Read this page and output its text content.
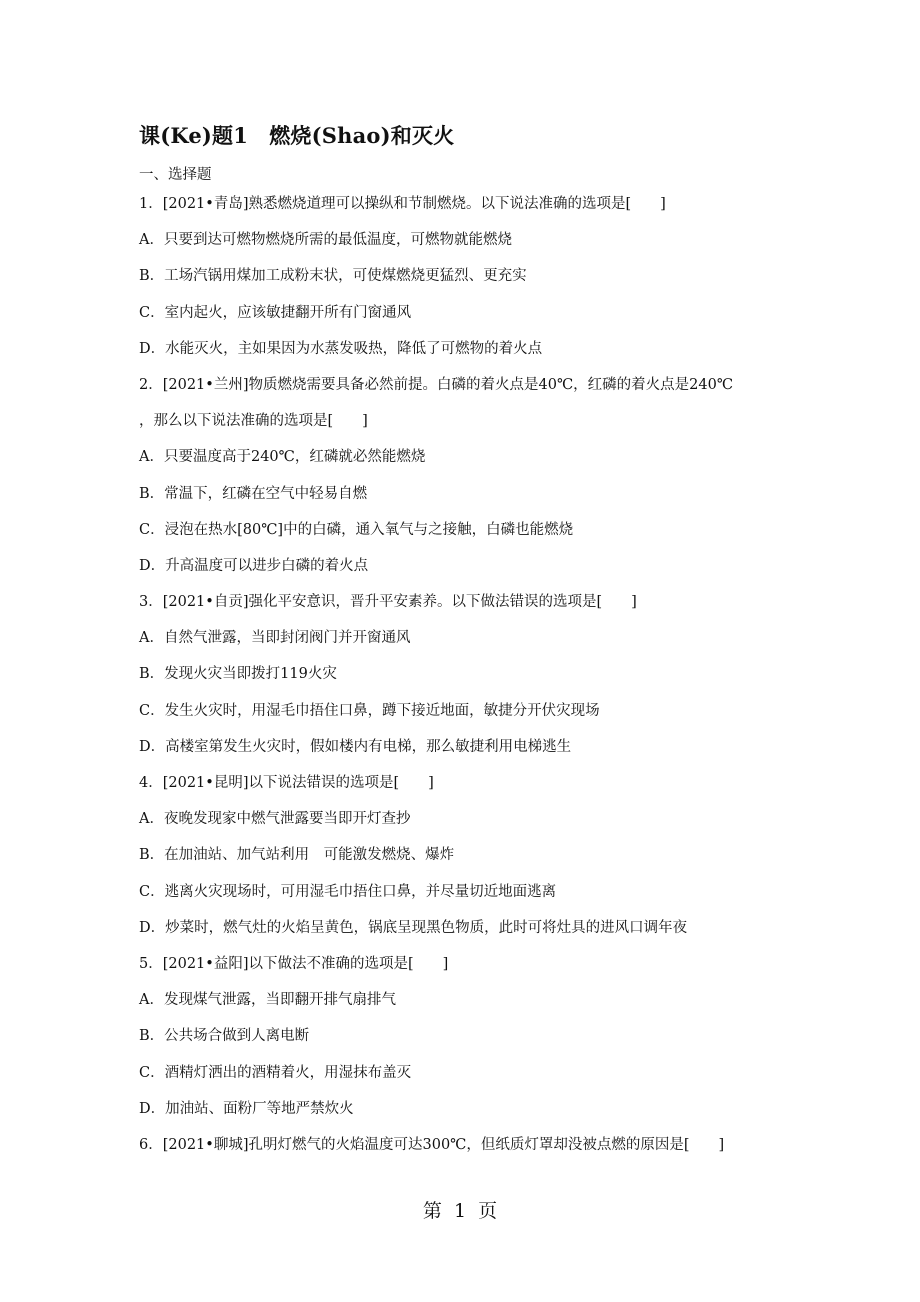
课(Ke)题1　燃烧(Shao)和灭火
一、选择题
1．[2021•青岛]熟悉燃烧道理可以操纵和节制燃烧。以下说法准确的选项是[　　]
A．只要到达可燃物燃烧所需的最低温度，可燃物就能燃烧
B．工场汽锅用煤加工成粉末状，可使煤燃烧更猛烈、更充实
C．室内起火，应该敏捷翻开所有门窗通风
D．水能灭火，主如果因为水蒸发吸热，降低了可燃物的着火点
2．[2021•兰州]物质燃烧需要具备必然前提。白磷的着火点是40℃，红磷的着火点是240℃
，那么以下说法准确的选项是[　　]
A．只要温度高于240℃，红磷就必然能燃烧
B．常温下，红磷在空气中轻易自燃
C．浸泡在热水[80℃]中的白磷，通入氧气与之接触，白磷也能燃烧
D．升高温度可以进步白磷的着火点
3．[2021•自贡]强化平安意识，晋升平安素养。以下做法错误的选项是[　　]
A．自然气泄露，当即封闭阀门并开窗通风
B．发现火灾当即拨打119火灾
C．发生火灾时，用湿毛巾捂住口鼻，蹲下接近地面，敏捷分开伏灾现场
D．高楼室第发生火灾时，假如楼内有电梯，那么敏捷利用电梯逃生
4．[2021•昆明]以下说法错误的选项是[　　]
A．夜晚发现家中燃气泄露要当即开灯查抄
B．在加油站、加气站利用　可能激发燃烧、爆炸
C．逃离火灾现场时，可用湿毛巾捂住口鼻，并尽量切近地面逃离
D．炒菜时，燃气灶的火焰呈黄色，锅底呈现黑色物质，此时可将灶具的进风口调年夜
5．[2021•益阳]以下做法不准确的选项是[　　]
A．发现煤气泄露，当即翻开排气扇排气
B．公共场合做到人离电断
C．酒精灯洒出的酒精着火，用湿抹布盖灭
D．加油站、面粉厂等地严禁炊火
6．[2021•聊城]孔明灯燃气的火焰温度可达300℃，但纸质灯罩却没被点燃的原因是[　　]
第  1  页
